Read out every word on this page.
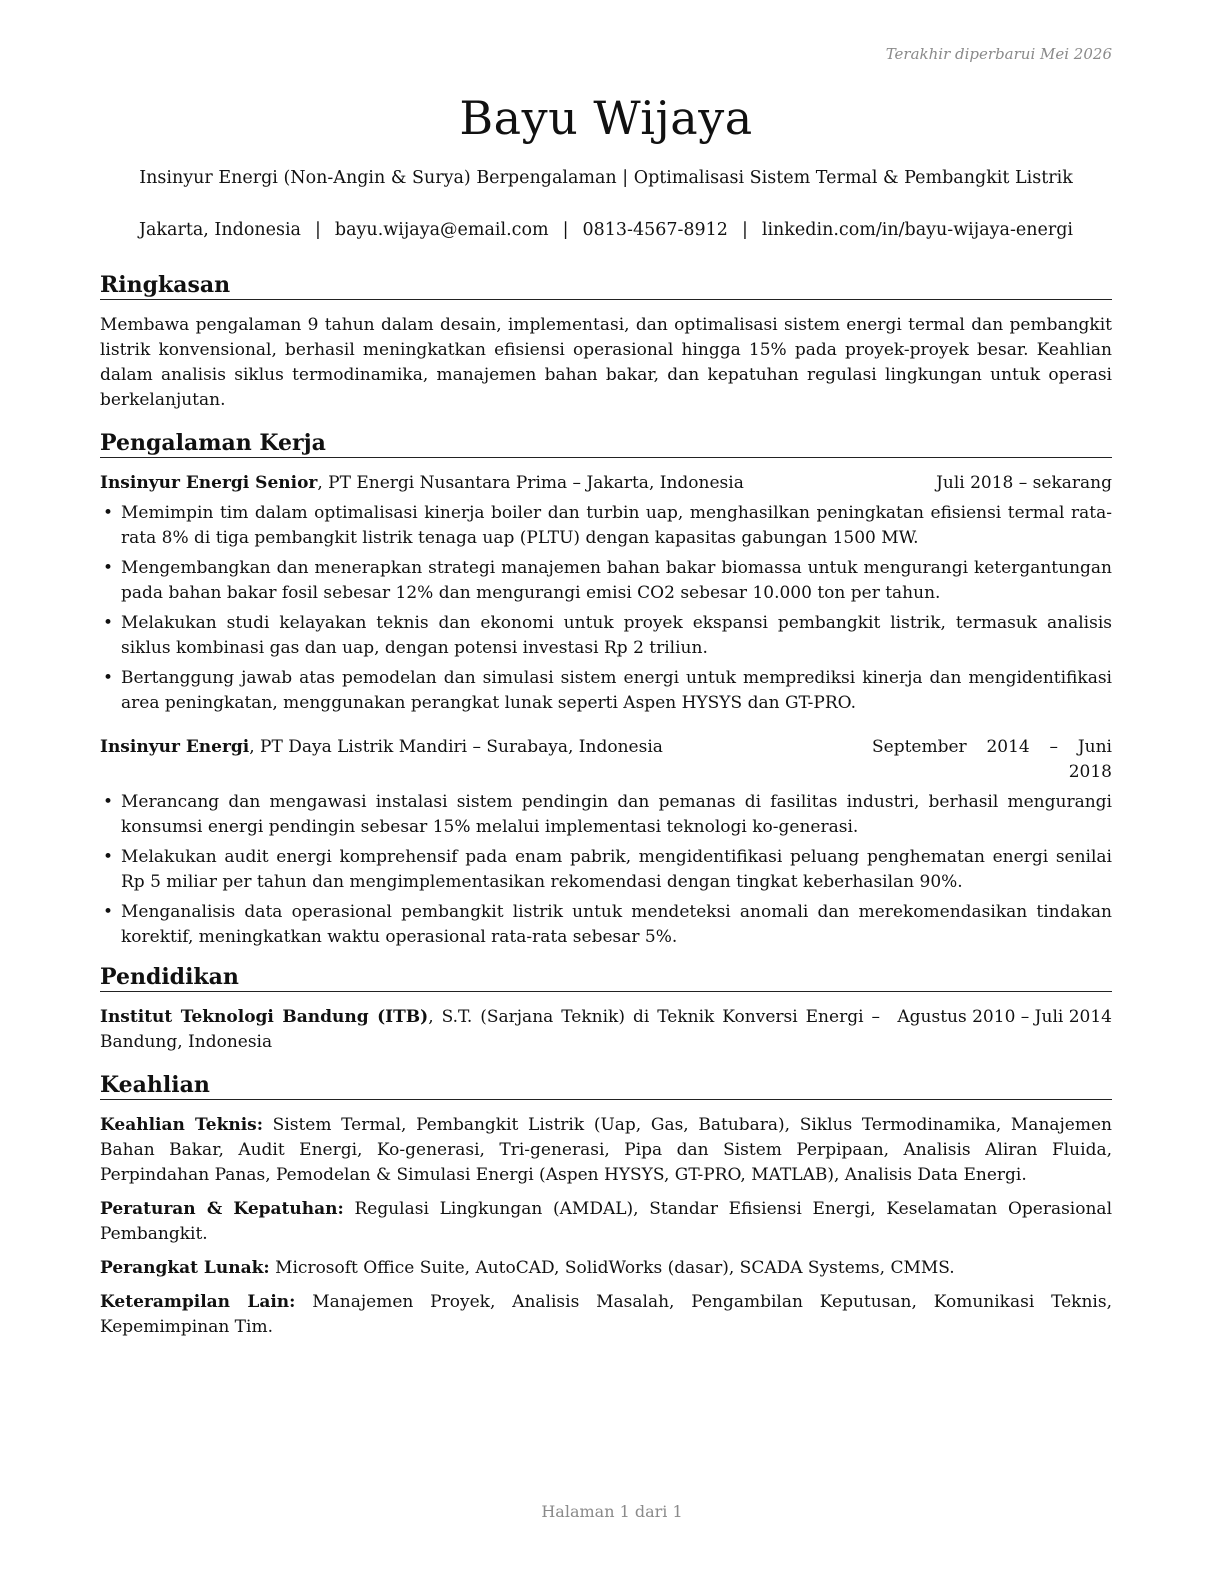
Terakhir diperbarui Mei 2026
Bayu Wijaya
Insinyur Energi (Non-Angin & Surya) Berpengalaman | Optimalisasi Sistem Termal & Pembangkit Listrik
Jakarta, Indonesia | bayu.wijaya@email.com | 0813-4567-8912 | linkedin.com/in/bayu-wijaya-energi
Ringkasan

Membawa pengalaman 9 tahun dalam desain, implementasi, dan optimalisasi sistem energi termal dan pembangkit listrik konvensional, berhasil meningkatkan efisiensi operasional hingga 15% pada proyek-proyek besar. Keahlian dalam analisis siklus termodinamika, manajemen bahan bakar, dan kepatuhan regulasi lingkungan untuk operasi berkelanjutan.

Pengalaman Kerja
Insinyur Energi Senior, PT Energi Nusantara Prima – Jakarta, Indonesia	Juli 2018 – sekarang
• Memimpin tim dalam optimalisasi kinerja boiler dan turbin uap, menghasilkan peningkatan efisiensi termal rata-rata 8% di tiga pembangkit listrik tenaga uap (PLTU) dengan kapasitas gabungan 1500 MW.
• Mengembangkan dan menerapkan strategi manajemen bahan bakar biomassa untuk mengurangi ketergantungan pada bahan bakar fosil sebesar 12% dan mengurangi emisi CO2 sebesar 10.000 ton per tahun.
• Melakukan studi kelayakan teknis dan ekonomi untuk proyek ekspansi pembangkit listrik, termasuk analisis siklus kombinasi gas dan uap, dengan potensi investasi Rp 2 triliun.
• Bertanggung jawab atas pemodelan dan simulasi sistem energi untuk memprediksi kinerja dan mengidentifikasi area peningkatan, menggunakan perangkat lunak seperti Aspen HYSYS dan GT-PRO.
Insinyur Energi, PT Daya Listrik Mandiri – Surabaya, Indonesia	September 2014 – Juni 2018
• Merancang dan mengawasi instalasi sistem pendingin dan pemanas di fasilitas industri, berhasil mengurangi konsumsi energi pendingin sebesar 15% melalui implementasi teknologi ko-generasi.
• Melakukan audit energi komprehensif pada enam pabrik, mengidentifikasi peluang penghematan energi senilai Rp 5 miliar per tahun dan mengimplementasikan rekomendasi dengan tingkat keberhasilan 90%.
• Menganalisis data operasional pembangkit listrik untuk mendeteksi anomali dan merekomendasikan tindakan korektif, meningkatkan waktu operasional rata-rata sebesar 5%.
Pendidikan
Institut Teknologi Bandung (ITB), S.T. (Sarjana Teknik) di Teknik Konversi Energi – Bandung, Indonesia
Agustus 2010 – Juli 2014
Keahlian

Keahlian Teknis: Sistem Termal, Pembangkit Listrik (Uap, Gas, Batubara), Siklus Termodinamika, Manajemen Bahan Bakar, Audit Energi, Ko-generasi, Tri-generasi, Pipa dan Sistem Perpipaan, Analisis Aliran Fluida, Perpindahan Panas, Pemodelan & Simulasi Energi (Aspen HYSYS, GT-PRO, MATLAB), Analisis Data Energi.

Peraturan & Kepatuhan: Regulasi Lingkungan (AMDAL), Standar Efisiensi Energi, Keselamatan Operasional Pembangkit.

Perangkat Lunak: Microsoft Office Suite, AutoCAD, SolidWorks (dasar), SCADA Systems, CMMS.

Keterampilan Lain: Manajemen Proyek, Analisis Masalah, Pengambilan Keputusan, Komunikasi Teknis, Kepemimpinan Tim.

Halaman 1 dari 1
